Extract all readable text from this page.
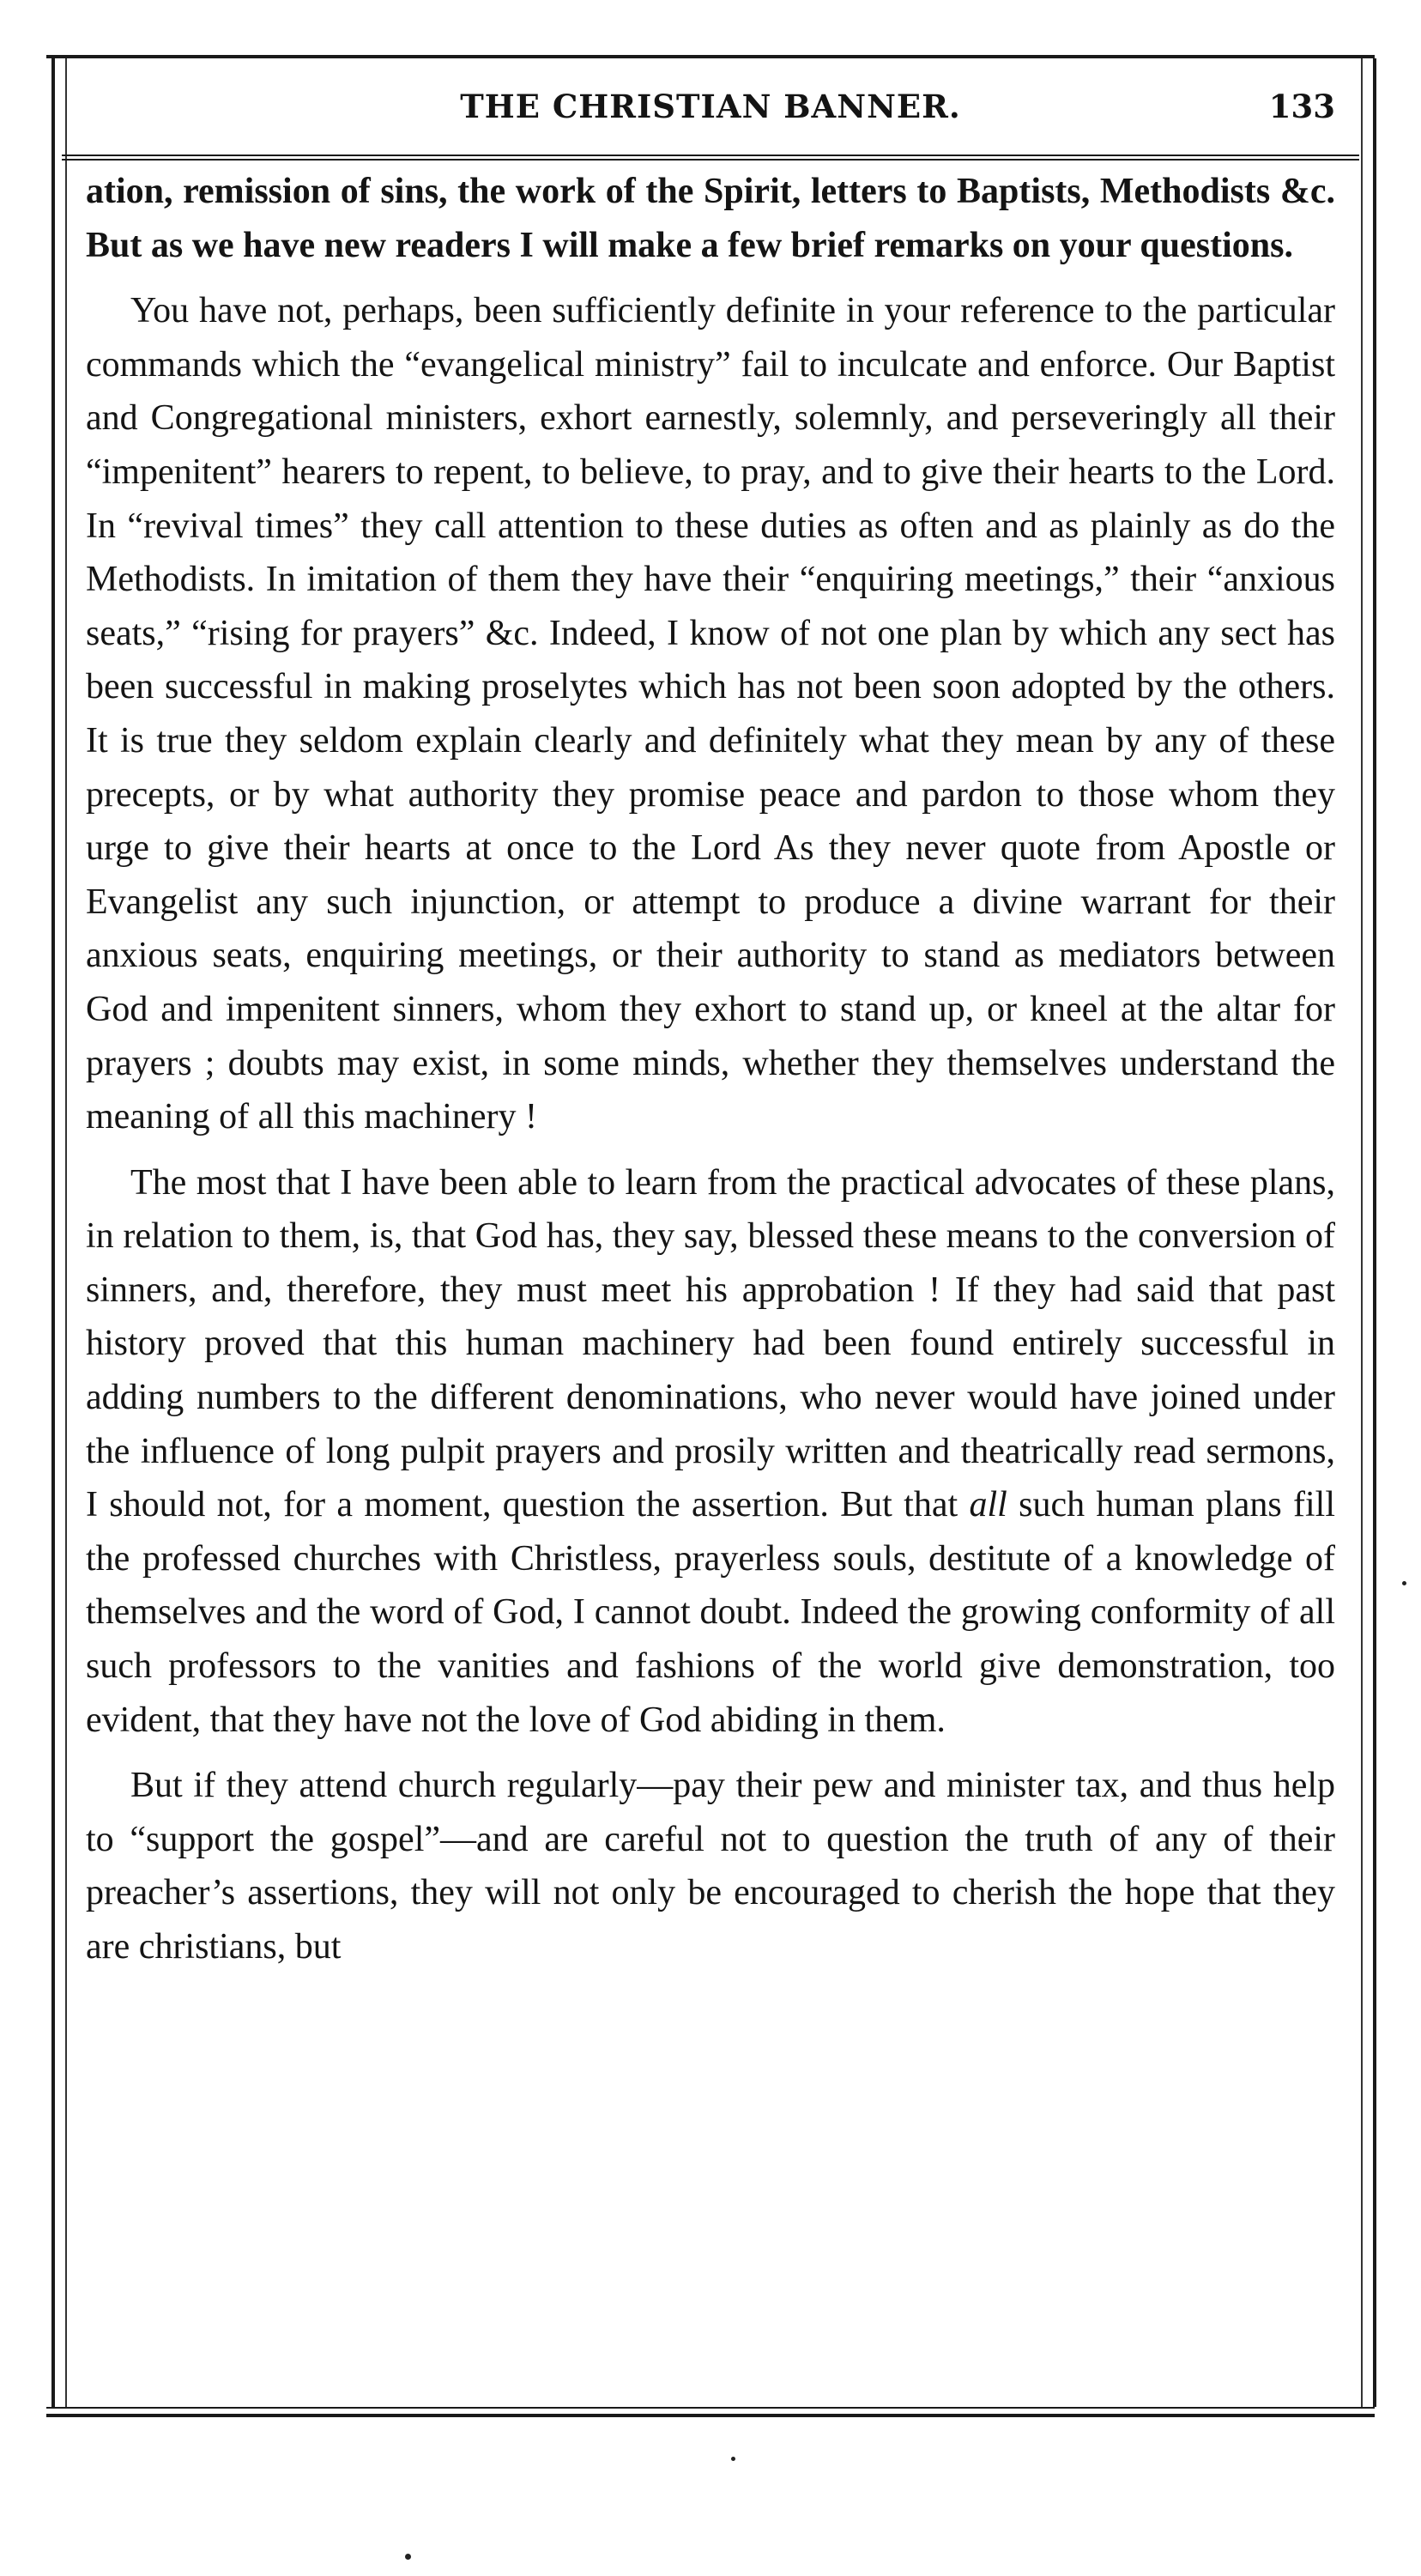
THE CHRISTIAN BANNER.	133

ation, remission of sins, the work of the Spirit, letters to Baptists, Methodists &c. But as we have new readers I will make a few brief remarks on your questions.

You have not, perhaps, been sufficiently definite in your reference to the particular commands which the “evangelical ministry” fail to inculcate and enforce. Our Baptist and Congregational ministers, exhort earnestly, solemnly, and perseveringly all their “impenitent” hearers to repent, to believe, to pray, and to give their hearts to the Lord. In “revival times” they call attention to these duties as often and as plainly as do the Methodists. In imitation of them they have their “enquiring meetings,” their “anxious seats,” “rising for prayers” &c. Indeed, I know of not one plan by which any sect has been successful in making proselytes which has not been soon adopted by the others. It is true they seldom explain clearly and definitely what they mean by any of these precepts, or by what authority they promise peace and pardon to those whom they urge to give their hearts at once to the Lord As they never quote from Apostle or Evangelist any such injunction, or attempt to produce a divine warrant for their anxious seats, enquiring meetings, or their authority to stand as mediators between God and impenitent sinners, whom they exhort to stand up, or kneel at the altar for prayers ; doubts may exist, in some minds, whether they themselves understand the meaning of all this machinery !

The most that I have been able to learn from the practical advocates of these plans, in relation to them, is, that God has, they say, blessed these means to the conversion of sinners, and, therefore, they must meet his approbation ! If they had said that past history proved that this human machinery had been found entirely successful in adding numbers to the different denominations, who never would have joined under the influence of long pulpit prayers and prosily written and theatrically read sermons, I should not, for a moment, question the assertion. But that all such human plans fill the professed churches with Christless, prayerless souls, destitute of a knowledge of themselves and the word of God, I cannot doubt. Indeed the growing conformity of all such professors to the vanities and fashions of the world give demonstration, too evident, that they have not the love of God abiding in them.

But if they attend church regularly—pay their pew and minister tax, and thus help to “support the gospel”—and are careful not to question the truth of any of their preacher’s assertions, they will not only be encouraged to cherish the hope that they are christians, but
